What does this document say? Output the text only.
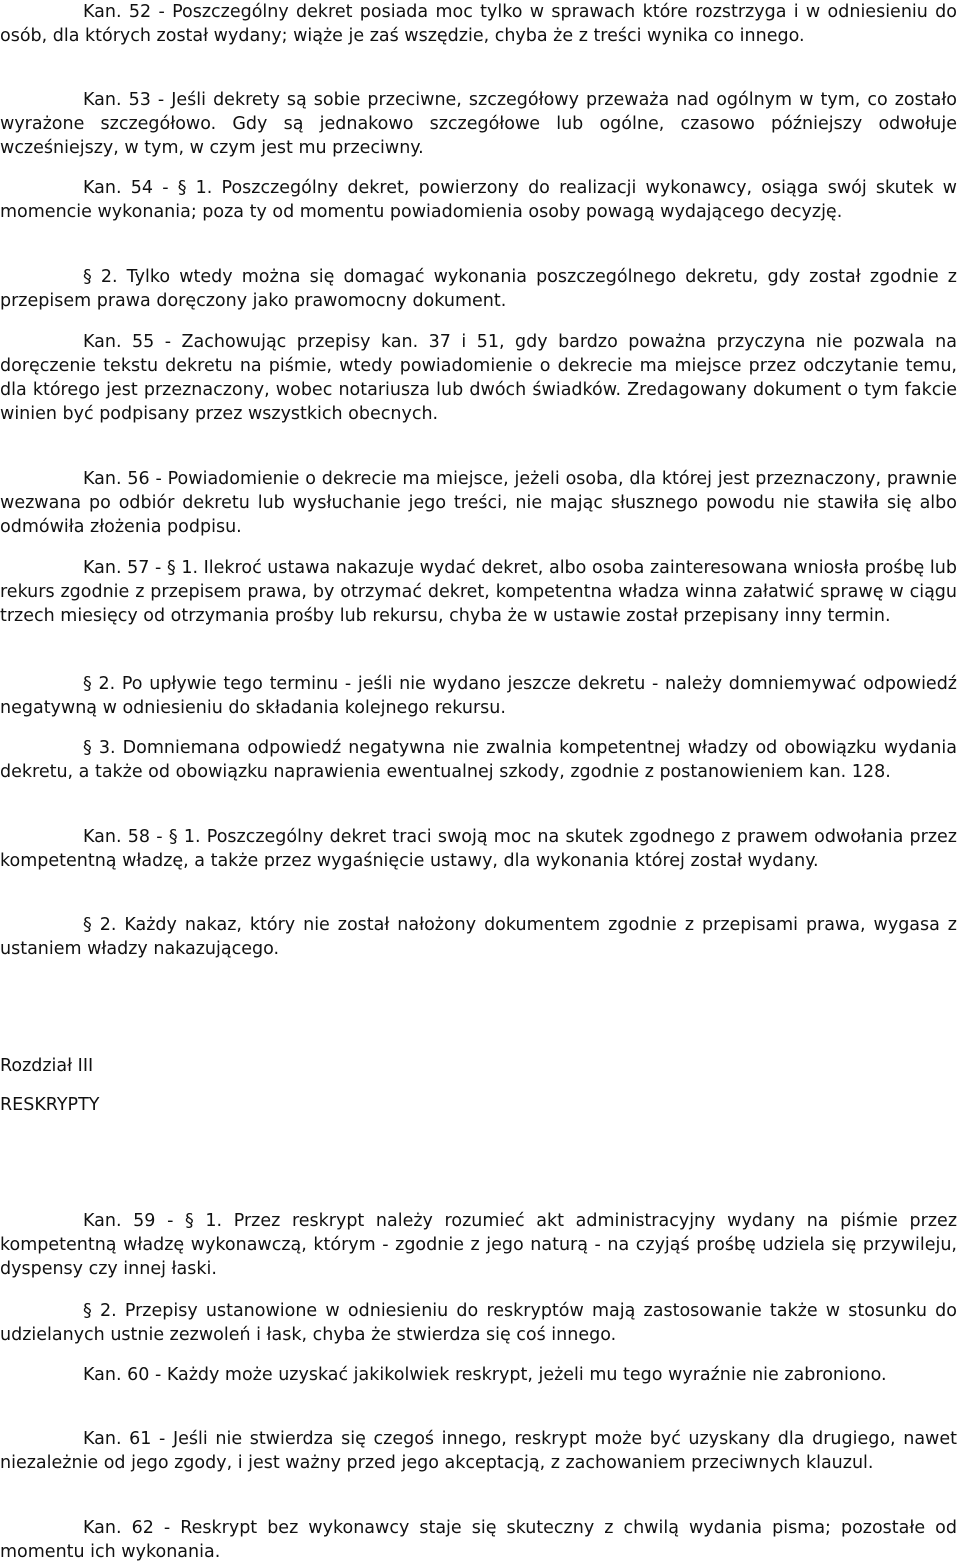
Kan. 52 - Poszczególny dekret posiada moc tylko w sprawach które rozstrzyga i w odniesieniu do osób, dla których został wydany; wiąże je zaś wszędzie, chyba że z treści wynika co innego.

Kan. 53 - Jeśli dekrety są sobie przeciwne, szczegółowy przeważa nad ogólnym w tym, co zostało wyrażone szczegółowo. Gdy są jednakowo szczegółowe lub ogólne, czasowo późniejszy odwołuje wcześniejszy, w tym, w czym jest mu przeciwny.

Kan. 54 - § 1. Poszczególny dekret, powierzony do realizacji wykonawcy, osiąga swój skutek w momencie wykonania; poza ty od momentu powiadomienia osoby powagą wydającego decyzję.

§ 2. Tylko wtedy można się domagać wykonania poszczególnego dekretu, gdy został zgodnie z przepisem prawa doręczony jako prawomocny dokument.

Kan. 55 - Zachowując przepisy kan. 37 i 51, gdy bardzo poważna przyczyna nie pozwala na doręczenie tekstu dekretu na piśmie, wtedy powiadomienie o dekrecie ma miejsce przez odczytanie temu, dla którego jest przeznaczony, wobec notariusza lub dwóch świadków. Zredagowany dokument o tym fakcie winien być podpisany przez wszystkich obecnych.

Kan. 56 - Powiadomienie o dekrecie ma miejsce, jeżeli osoba, dla której jest przeznaczony, prawnie wezwana po odbiór dekretu lub wysłuchanie jego treści, nie mając słusznego powodu nie stawiła się albo odmówiła złożenia podpisu.

Kan. 57 - § 1. Ilekroć ustawa nakazuje wydać dekret, albo osoba zainteresowana wniosła prośbę lub rekurs zgodnie z przepisem prawa, by otrzymać dekret, kompetentna władza winna załatwić sprawę w ciągu trzech miesięcy od otrzymania prośby lub rekursu, chyba że w ustawie został przepisany inny termin.

§ 2. Po upływie tego terminu - jeśli nie wydano jeszcze dekretu - należy domniemywać odpowiedź negatywną w odniesieniu do składania kolejnego rekursu.

§ 3. Domniemana odpowiedź negatywna nie zwalnia kompetentnej władzy od obowiązku wydania dekretu, a także od obowiązku naprawienia ewentualnej szkody, zgodnie z postanowieniem kan. 128.

Kan. 58 - § 1. Poszczególny dekret traci swoją moc na skutek zgodnego z prawem odwołania przez kompetentną władzę, a także przez wygaśnięcie ustawy, dla wykonania której został wydany.

§ 2. Każdy nakaz, który nie został nałożony dokumentem zgodnie z przepisami prawa, wygasa z ustaniem władzy nakazującego.

Rozdział III

RESKRYPTY

Kan. 59 - § 1. Przez reskrypt należy rozumieć akt administracyjny wydany na piśmie przez kompetentną władzę wykonawczą, którym - zgodnie z jego naturą - na czyjąś prośbę udziela się przywileju, dyspensy czy innej łaski.

§ 2. Przepisy ustanowione w odniesieniu do reskryptów mają zastosowanie także w stosunku do udzielanych ustnie zezwoleń i łask, chyba że stwierdza się coś innego.

Kan. 60 - Każdy może uzyskać jakikolwiek reskrypt, jeżeli mu tego wyraźnie nie zabroniono.

Kan. 61 - Jeśli nie stwierdza się czegoś innego, reskrypt może być uzyskany dla drugiego, nawet niezależnie od jego zgody, i jest ważny przed jego akceptacją, z zachowaniem przeciwnych klauzul.

Kan. 62 - Reskrypt bez wykonawcy staje się skuteczny z chwilą wydania pisma; pozostałe od momentu ich wykonania.
